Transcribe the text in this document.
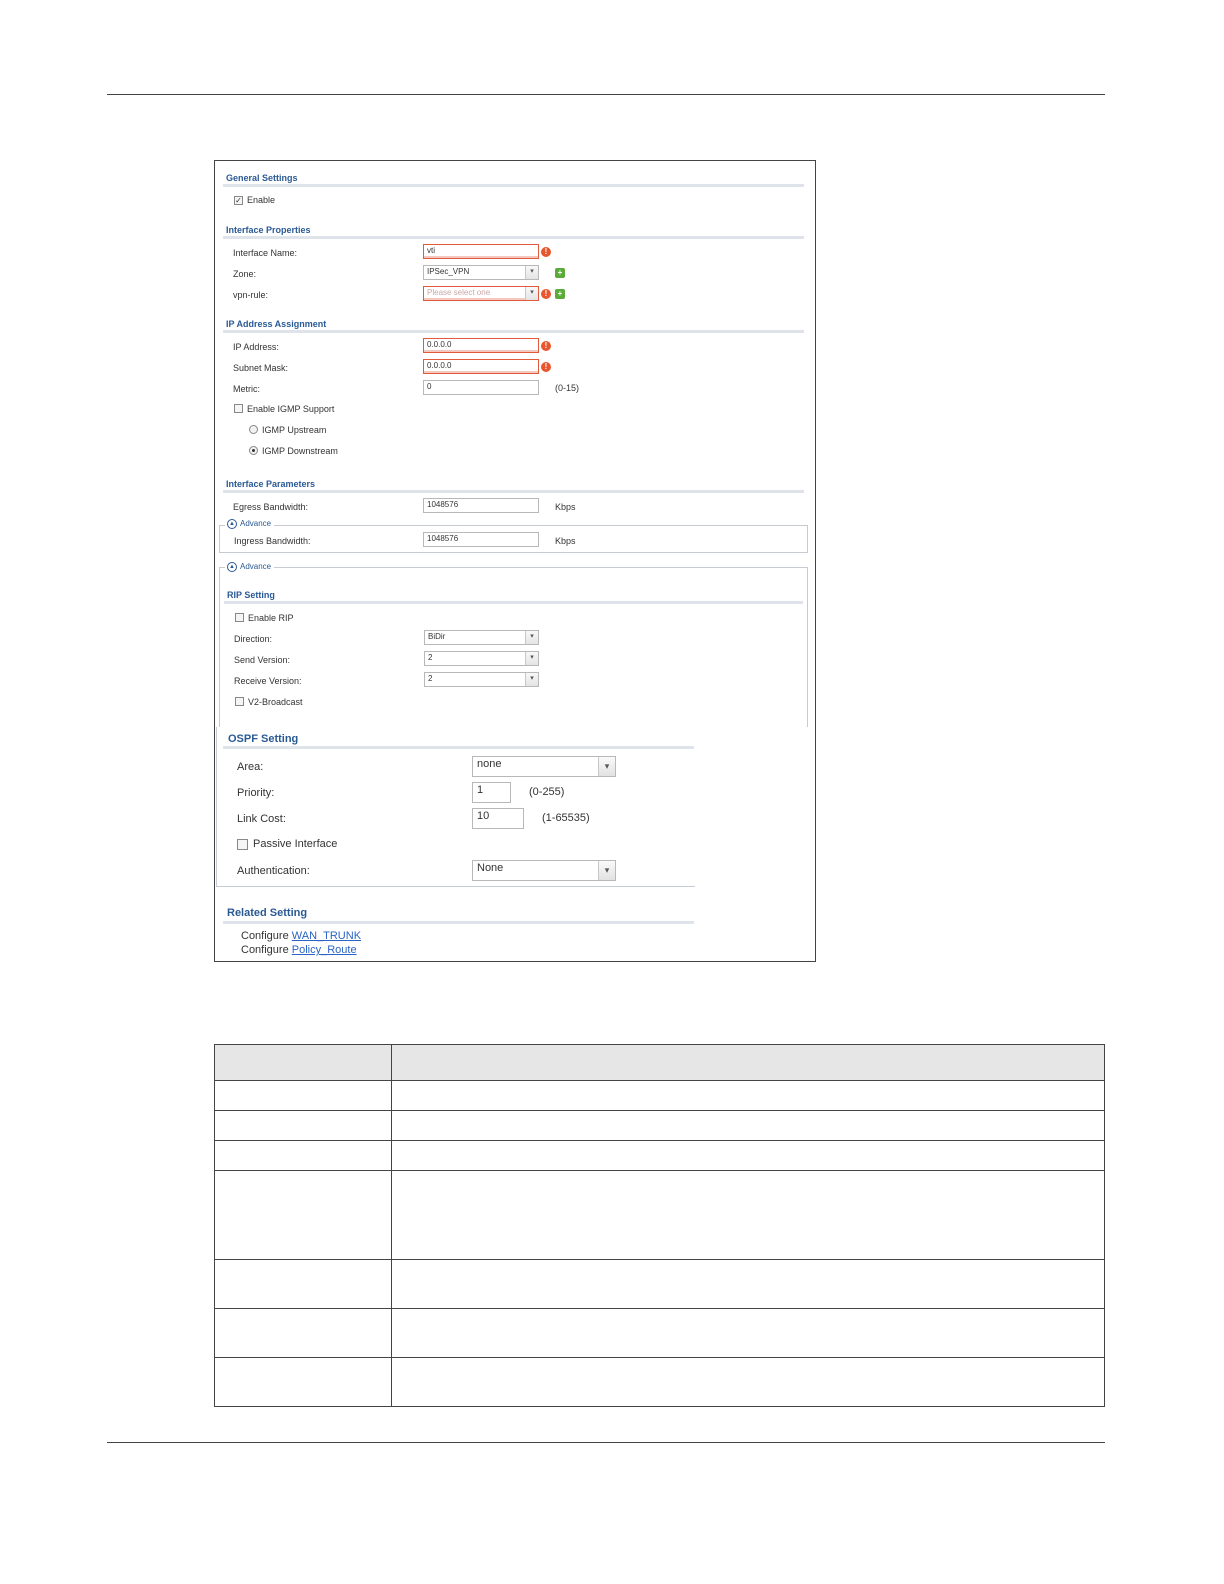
General Settings
✓ Enable
Interface Properties
Interface Name:	vti	!
Zone:	IPSec_VPN	▾	+
vpn-rule:	Please select one	▾	!	+
IP Address Assignment
IP Address:	0.0.0.0	!
Subnet Mask:	0.0.0.0	!
Metric:	0	(0-15)
Enable IGMP Support
IGMP Upstream
IGMP Downstream
Interface Parameters
Egress Bandwidth:	1048576	Kbps
▲ Advance
Ingress Bandwidth:	1048576	Kbps
▲ Advance
RIP Setting
Enable RIP
Direction:	BiDir	▾
Send Version:	2	▾
Receive Version:	2	▾
V2-Broadcast
OSPF Setting
Area:	none	▾
Priority:	1	(0-255)
Link Cost:	10	(1-65535)
Passive Interface
Authentication:	None	▾
Related Setting
Configure WAN_TRUNK
Configure Policy_Route
